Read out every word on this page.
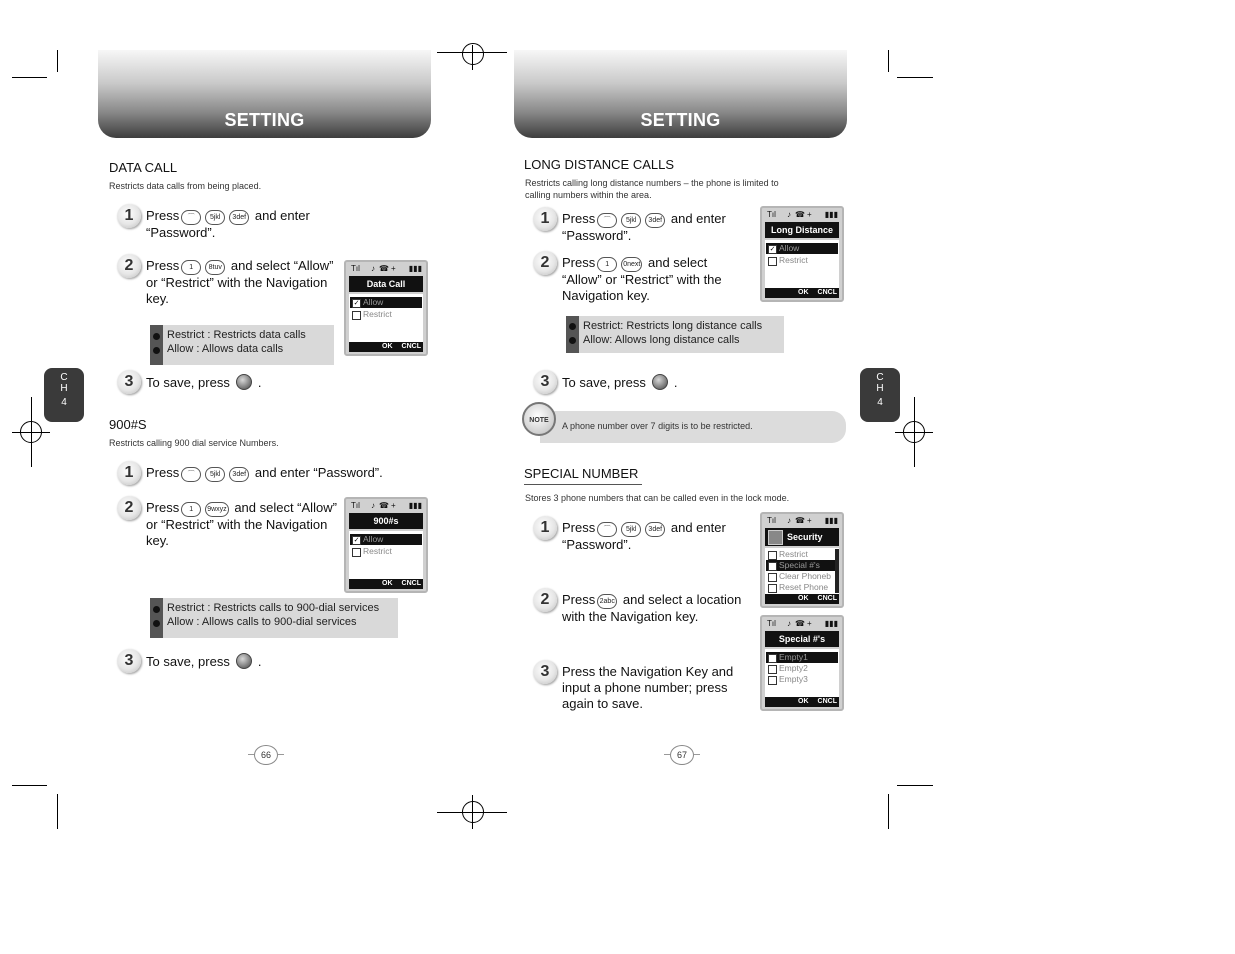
SETTING
C
H
4
DATA CALL
Restricts data calls from being placed.
1 Press ⌒ 5jkl 3def and enter
“Password”.
2 Press 1 8tuv and select “Allow”
or “Restrict” with the Navigation
key.
Tıl ♪ ☎ + ▮▮▮
Data Call
✓ Allow
Restrict
OK CNCL
Restrict : Restricts data calls
Allow : Allows data calls
3 To save, press .
900#S
Restricts calling 900 dial service Numbers.
1 Press ⌒ 5jkl 3def and enter “Password”.
2 Press 1 9wxyz and select “Allow”
or “Restrict” with the Navigation
key.
Tıl ♪ ☎ + ▮▮▮
900#s
✓ Allow
Restrict
OK CNCL
Restrict : Restricts calls to 900-dial services
Allow : Allows calls to 900-dial services
3 To save, press .
66
SETTING
C
H
4
LONG DISTANCE CALLS
Restricts calling long distance numbers – the phone is limited to
calling numbers within the area.
1 Press ⌒ 5jkl 3def and enter
“Password”.
2 Press 1 0next and select
“Allow” or “Restrict” with the
Navigation key.
Tıl ♪ ☎ + ▮▮▮
Long Distance
✓ Allow
Restrict
OK CNCL
Restrict: Restricts long distance calls
Allow: Allows long distance calls
3 To save, press .
A phone number over 7 digits is to be restricted.
NOTE
SPECIAL NUMBER
Stores 3 phone numbers that can be called even in the lock mode.
1 Press ⌒ 5jkl 3def and enter
“Password”.
Tıl ♪ ☎ + ▮▮▮
Security
Restrict
Special #'s
Clear Phoneb
Reset Phone
OK CNCL
2 Press 2abc and select a location
with the Navigation key.	Tıl ♪ ☎ + ▮▮▮
Special #'s
Empty1
Empty2
Empty3
OK CNCL
3 Press the Navigation Key and
input a phone number; press
again to save.
67
